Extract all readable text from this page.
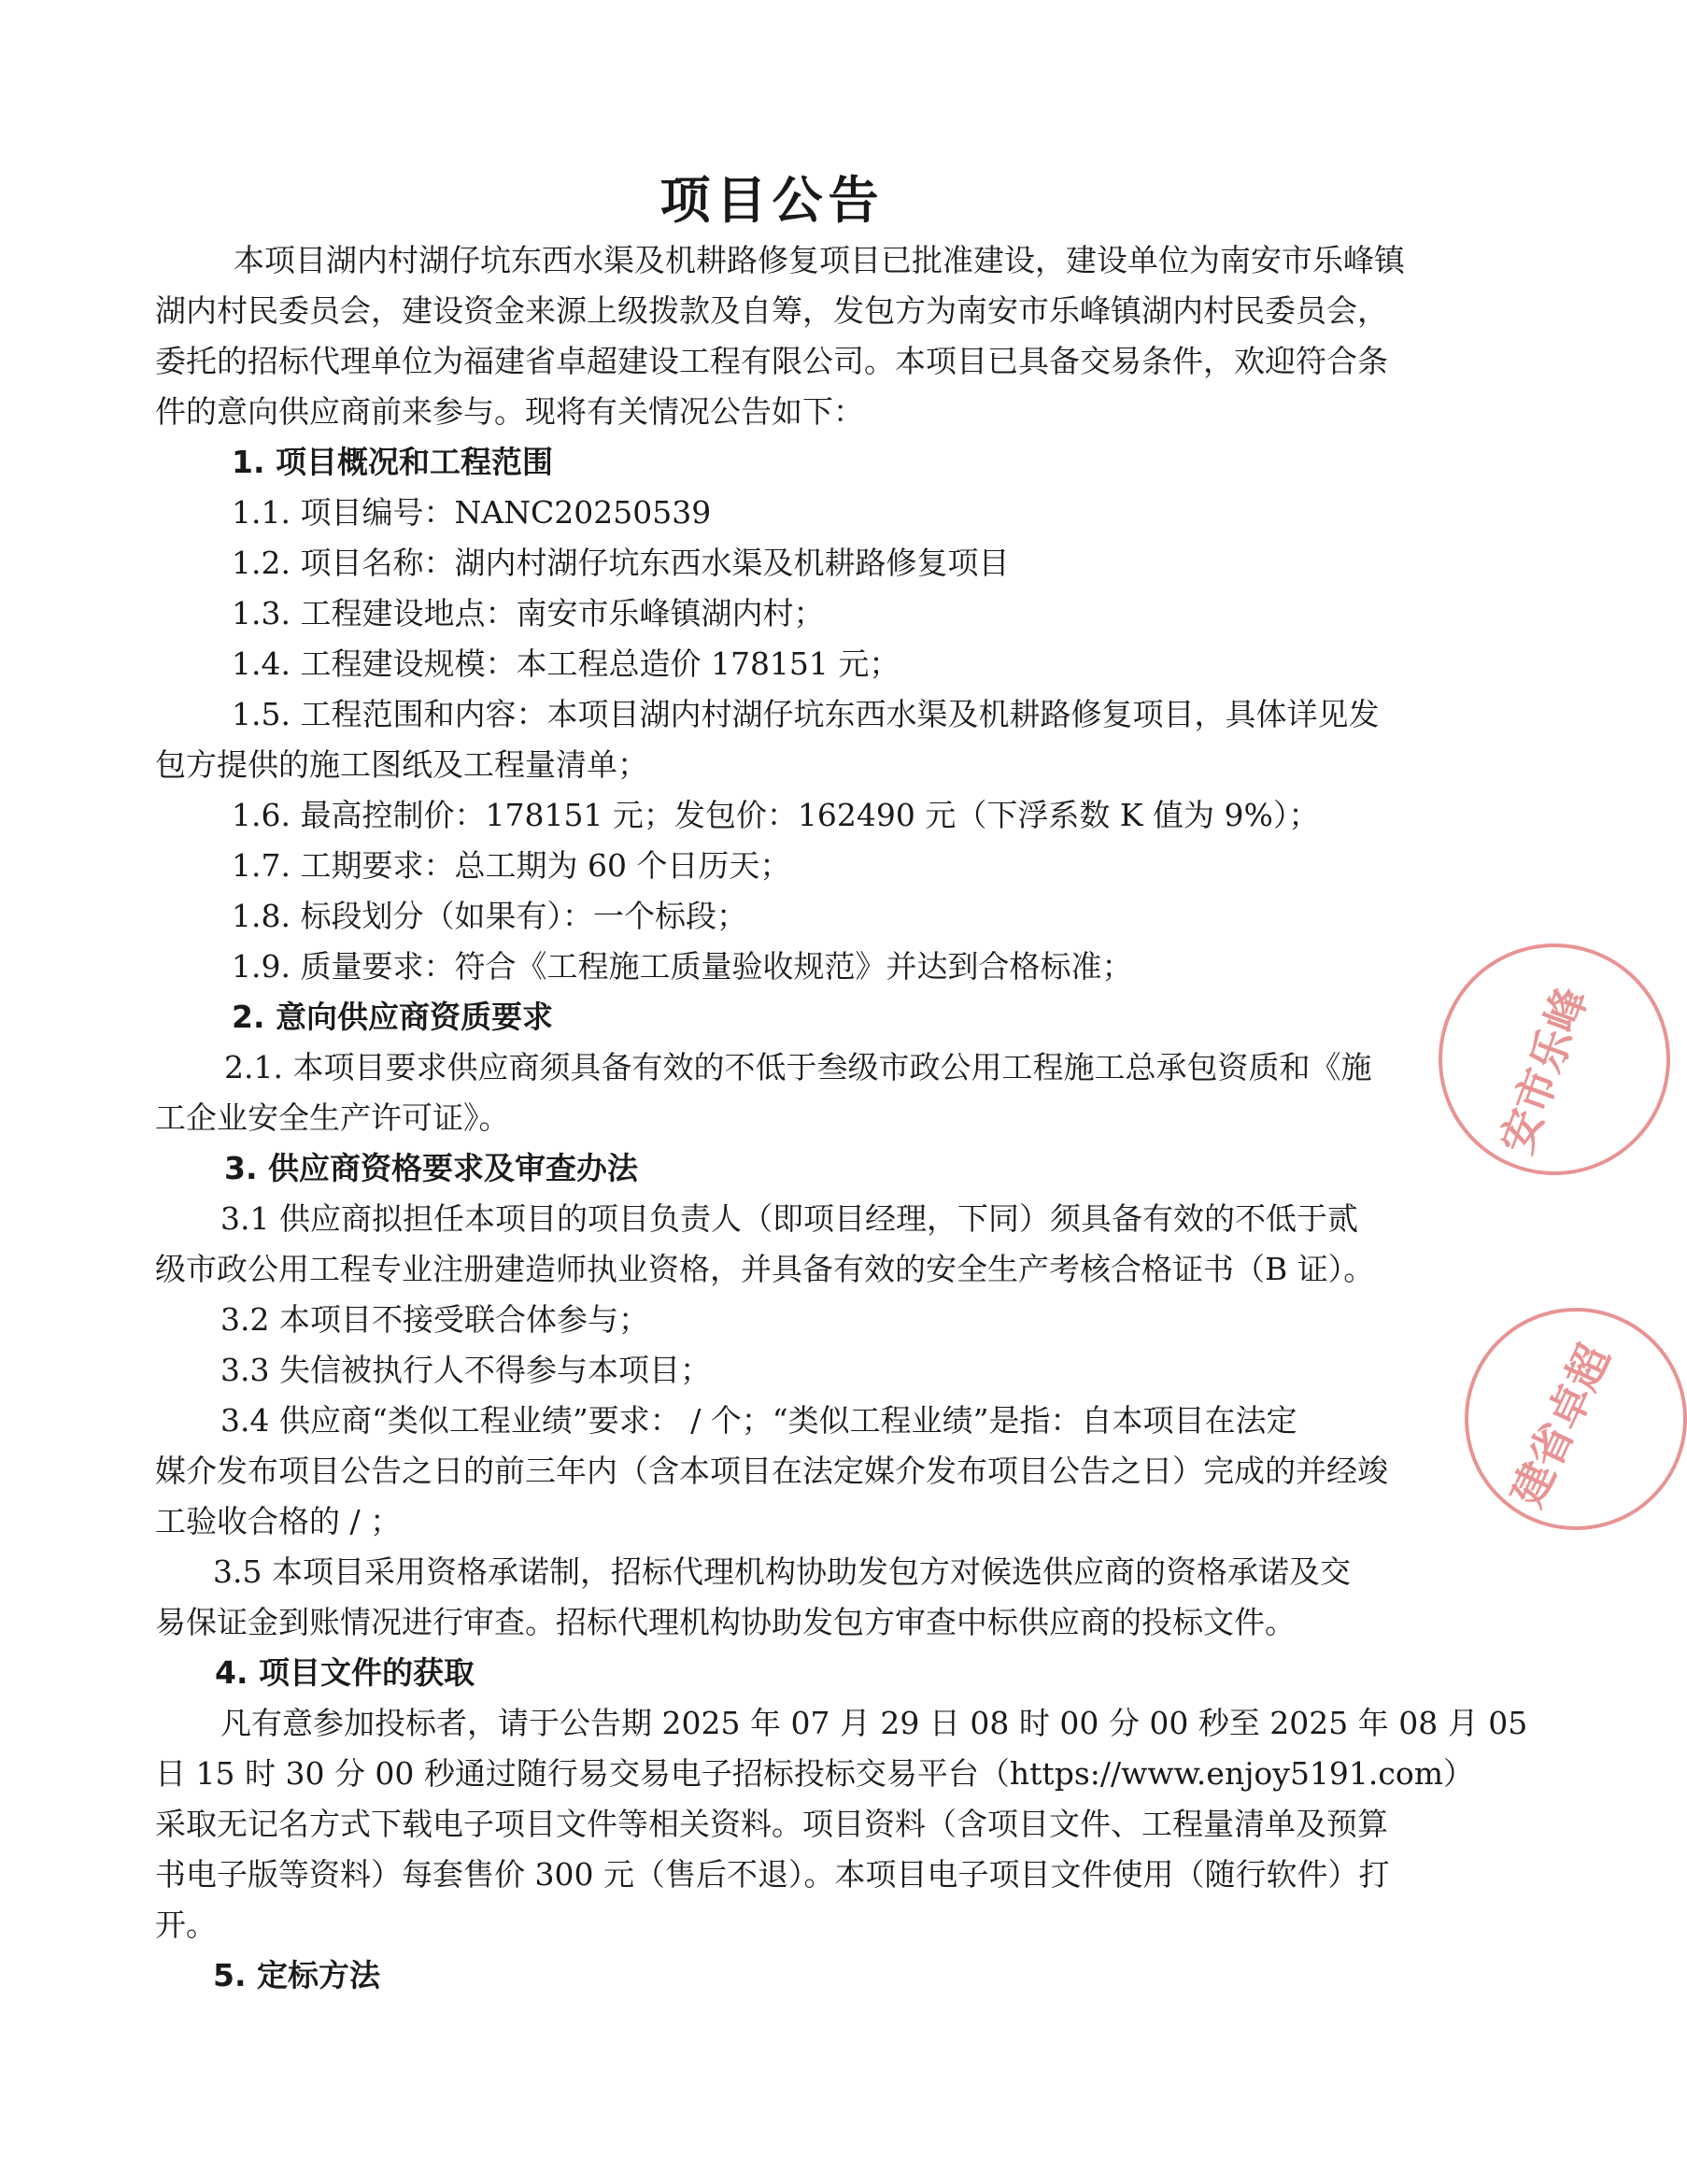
项目公告
本项目湖内村湖仔坑东西水渠及机耕路修复项目已批准建设，建设单位为南安市乐峰镇
湖内村民委员会，建设资金来源上级拨款及自筹，发包方为南安市乐峰镇湖内村民委员会，
委托的招标代理单位为福建省卓超建设工程有限公司。本项目已具备交易条件，欢迎符合条
件的意向供应商前来参与。现将有关情况公告如下：
1. 项目概况和工程范围
1.1. 项目编号：NANC20250539
1.2. 项目名称：湖内村湖仔坑东西水渠及机耕路修复项目
1.3. 工程建设地点：南安市乐峰镇湖内村；
1.4. 工程建设规模：本工程总造价 178151 元；
1.5. 工程范围和内容：本项目湖内村湖仔坑东西水渠及机耕路修复项目，具体详见发
包方提供的施工图纸及工程量清单；
1.6. 最高控制价：178151 元；发包价：162490 元（下浮系数 K 值为 9%）；
1.7. 工期要求：总工期为 60 个日历天；
1.8. 标段划分（如果有）：一个标段；
1.9. 质量要求：符合《工程施工质量验收规范》并达到合格标准；
2. 意向供应商资质要求
2.1. 本项目要求供应商须具备有效的不低于叁级市政公用工程施工总承包资质和《施
工企业安全生产许可证》。
3. 供应商资格要求及审查办法
3.1 供应商拟担任本项目的项目负责人（即项目经理，下同）须具备有效的不低于贰
级市政公用工程专业注册建造师执业资格，并具备有效的安全生产考核合格证书（B 证）。
3.2 本项目不接受联合体参与；
3.3 失信被执行人不得参与本项目；
3.4 供应商“类似工程业绩”要求： / 个；“类似工程业绩”是指：自本项目在法定
媒介发布项目公告之日的前三年内（含本项目在法定媒介发布项目公告之日）完成的并经竣
工验收合格的 / ；
3.5 本项目采用资格承诺制，招标代理机构协助发包方对候选供应商的资格承诺及交
易保证金到账情况进行审查。招标代理机构协助发包方审查中标供应商的投标文件。
4. 项目文件的获取
凡有意参加投标者，请于公告期 2025 年 07 月 29 日 08 时 00 分 00 秒至 2025 年 08 月 05
日 15 时 30 分 00 秒通过随行易交易电子招标投标交易平台（https://www.enjoy5191.com）
采取无记名方式下载电子项目文件等相关资料。项目资料（含项目文件、工程量清单及预算
书电子版等资料）每套售价 300 元（售后不退）。本项目电子项目文件使用（随行软件）打
开。
5. 定标方法
安市乐峰
建省卓超
